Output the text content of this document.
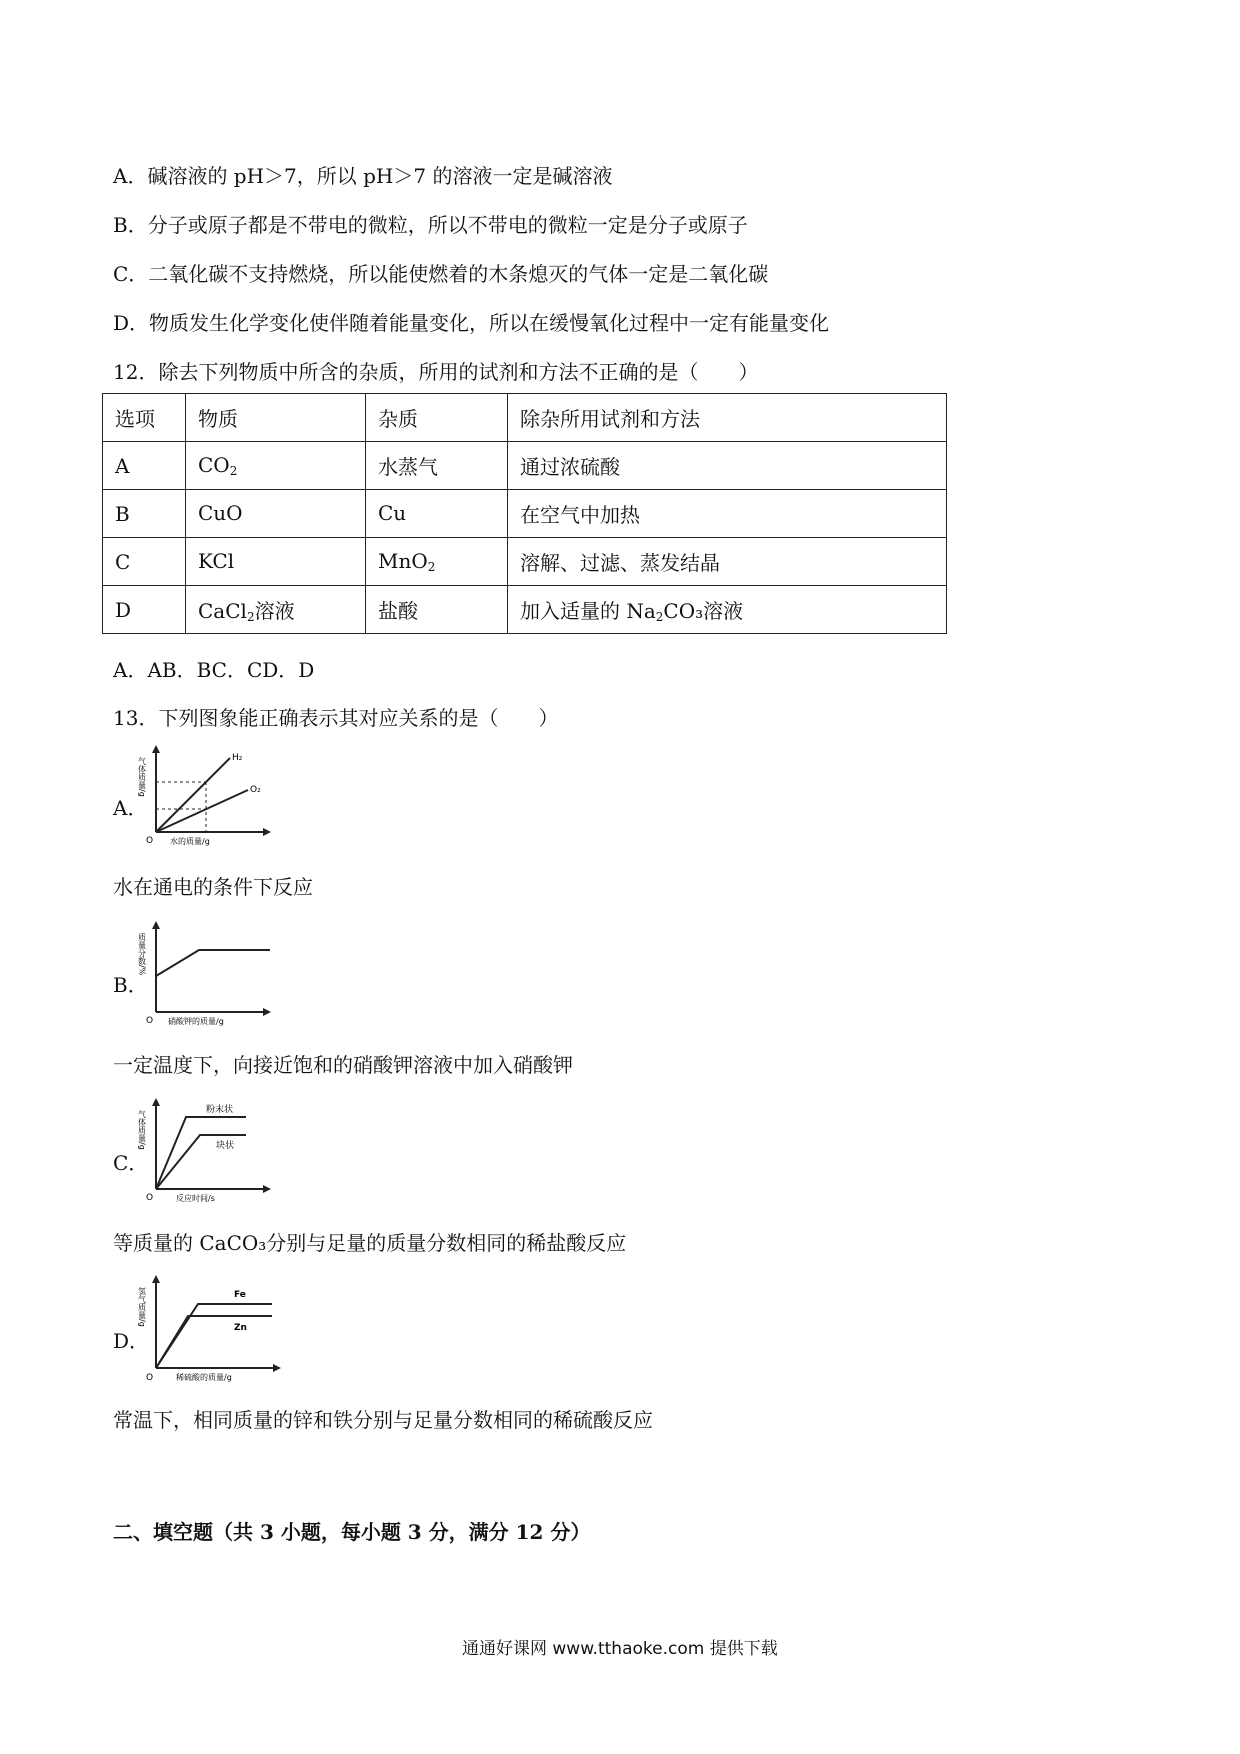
A．碱溶液的 pH＞7，所以 pH＞7 的溶液一定是碱溶液
B．分子或原子都是不带电的微粒，所以不带电的微粒一定是分子或原子
C．二氧化碳不支持燃烧，所以能使燃着的木条熄灭的气体一定是二氧化碳
D．物质发生化学变化使伴随着能量变化，所以在缓慢氧化过程中一定有能量变化
12．除去下列物质中所含的杂质，所用的试剂和方法不正确的是（　　）
选项	物质	杂质	除杂所用试剂和方法
A	$CO_2$	水蒸气	通过浓硫酸
B	CuO	Cu	在空气中加热
C	KCl	MnO$_2$	溶解、过滤、蒸发结晶
D	CaCl$_2$溶液	盐酸	加入适量的 $Na_2CO_3$溶液
A．AB．BC．CD．D
13．下列图象能正确表示其对应关系的是（　　）
A．
H₂
O₂
气体质量/g
O 水的质量/g
水在通电的条件下反应
B．
质量分数/%
O 硝酸钾的质量/g
一定温度下，向接近饱和的硝酸钾溶液中加入硝酸钾
C．
粉末状
块状
气体质量/g
O	反应时间/s
等质量的 CaCO₃分别与足量的质量分数相同的稀盐酸反应
D．
Fe
Zn
氢气质量/g
O	稀硫酸的质量/g
常温下，相同质量的锌和铁分别与足量分数相同的稀硫酸反应
二、填空题（共 3 小题，每小题 3 分，满分 12 分）
通通好课网 www.tthaoke.com 提供下载
